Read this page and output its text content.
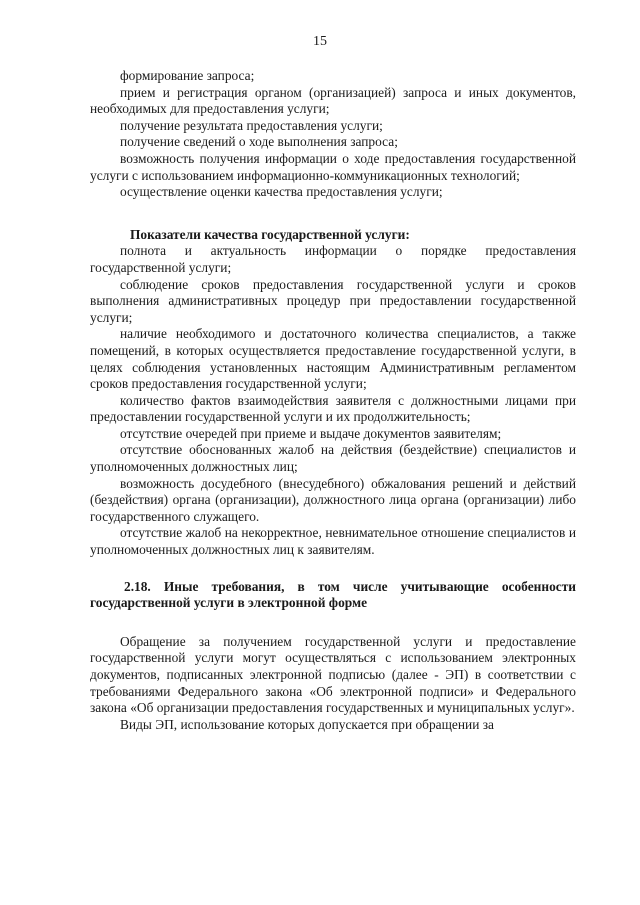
15

формирование запроса;

прием и регистрация органом (организацией) запроса и иных документов, необходимых для предоставления услуги;

получение результата предоставления услуги;

получение сведений о ходе выполнения запроса;

возможность получения информации о ходе предоставления государственной услуги с использованием информационно-коммуникационных технологий;

осуществление оценки качества предоставления услуги;

Показатели качества государственной услуги:

полнота и актуальность информации о порядке предоставления государственной услуги;

соблюдение сроков предоставления государственной услуги и сроков выполнения административных процедур при предоставлении государственной услуги;

наличие необходимого и достаточного количества специалистов, а также помещений, в которых осуществляется предоставление государственной услуги, в целях соблюдения установленных настоящим Административным регламентом сроков предоставления государственной услуги;

количество фактов взаимодействия заявителя с должностными лицами при предоставлении государственной услуги и их продолжительность;

отсутствие очередей при приеме и выдаче документов заявителям;

отсутствие обоснованных жалоб на действия (бездействие) специалистов и уполномоченных должностных лиц;

возможность досудебного (внесудебного) обжалования решений и действий (бездействия) органа (организации), должностного лица органа (организации) либо государственного служащего.

отсутствие жалоб на некорректное, невнимательное отношение специалистов и уполномоченных должностных лиц к заявителям.

2.18. Иные требования, в том числе учитывающие особенности государственной услуги в электронной форме

Обращение за получением государственной услуги и предоставление государственной услуги могут осуществляться с использованием электронных документов, подписанных электронной подписью (далее - ЭП) в соответствии с требованиями Федерального закона «Об электронной подписи» и Федерального закона «Об организации предоставления государственных и муниципальных услуг».

Виды ЭП, использование которых допускается при обращении за
